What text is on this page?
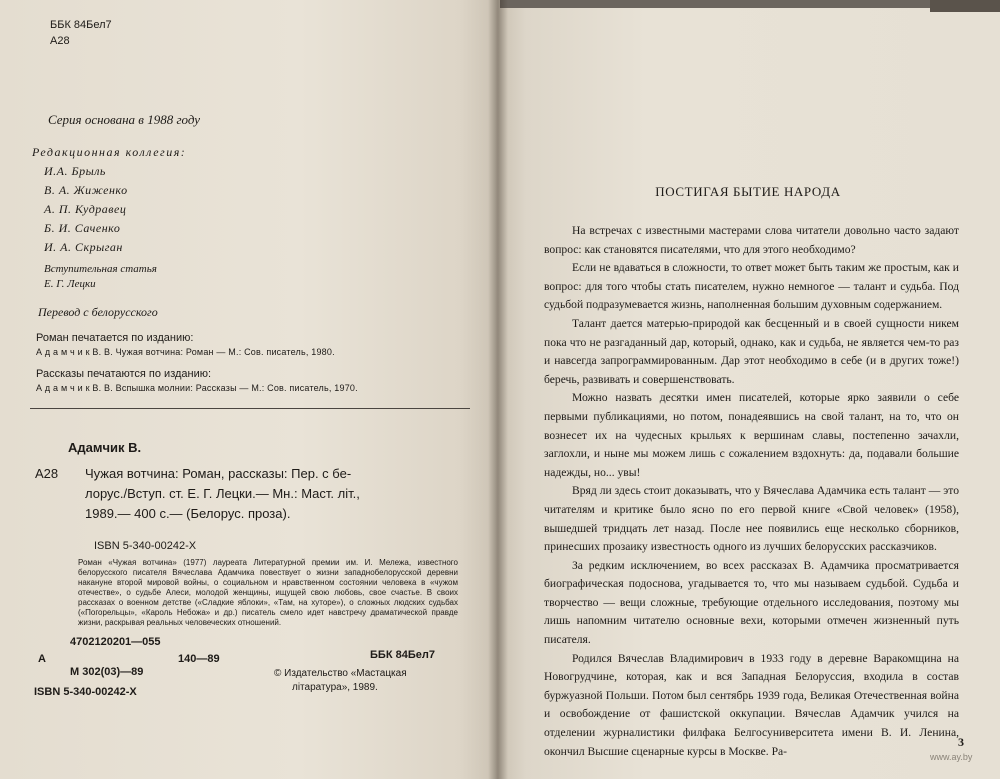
ББК 84Бел7
А28
Серия основана в 1988 году
Редакционная коллегия:
И.А. Брыль
В. А. Жиженко
А. П. Кудравец
Б. И. Саченко
И. А. Скрыган
Вступительная статья
Е. Г. Лецки
Перевод с белорусского
Роман печатается по изданию:
А д а м ч и к В. В. Чужая вотчина: Роман — М.: Сов. писатель, 1980.
Рассказы печатаются по изданию:
А д а м ч и к В. В. Вспышка молнии: Рассказы — М.: Сов. писатель, 1970.
Адамчик В.
А28 Чужая вотчина: Роман, рассказы: Пер. с бе-
лорус./Вступ. ст. Е. Г. Лецки.— Мн.: Маст. лiт.,
1989.— 400 с.— (Белорус. проза).
ISBN 5-340-00242-Х
Роман «Чужая вотчина» (1977) лауреата Литературной премии им. И. Мележа, известного белорусского писателя Вячеслава Адамчика повествует о жизни западнобелорусской деревни накануне второй мировой войны, о социальном и нравственном состоянии человека в «чужом отечестве», о судьбе Алеси, молодой женщины, ищущей свою любовь, свое счастье. В своих рассказах о военном детстве («Сладкие яблоки», «Там, на хуторе»), о сложных людских судьбах («Погорельцы», «Кароль Небожа» и др.) писатель смело идет навстречу драматической правде жизни, раскрывая реальных человеческих отношений.
4702120201—055
А	140—89
М 302(03)—89
ББК 84Бел7
ISBN 5-340-00242-Х
© Издательство «Мастацкая
лiтаратура», 1989.
ПОСТИГАЯ БЫТИЕ НАРОДА

На встречах с известными мастерами слова читатели довольно часто задают вопрос: как становятся писателями, что для этого необходимо?

Если не вдаваться в сложности, то ответ может быть таким же простым, как и вопрос: для того чтобы стать писателем, нужно немногое — талант и судьба. Под судьбой подразумевается жизнь, наполненная большим духовным содержанием.

Талант дается матерью-природой как бесценный и в своей сущности никем пока что не разгаданный дар, который, однако, как и судьба, не является чем-то раз и навсегда запрограммированным. Дар этот необходимо в себе (и в других тоже!) беречь, развивать и совершенствовать.

Можно назвать десятки имен писателей, которые ярко заявили о себе первыми публикациями, но потом, понадеявшись на свой талант, на то, что он вознесет их на чудесных крыльях к вершинам славы, постепенно зачахли, заглохли, и ныне мы можем лишь с сожалением вздохнуть: да, подавали большие надежды, но... увы!

Вряд ли здесь стоит доказывать, что у Вячеслава Адамчика есть талант — это читателям и критике было ясно по его первой книге «Свой человек» (1958), вышедшей тридцать лет назад. После нее появились еще несколько сборников, принесших прозаику известность одного из лучших белорусских рассказчиков.

За редким исключением, во всех рассказах В. Адамчика просматривается биографическая подоснова, угадывается то, что мы называем судьбой. Судьба и творчество — вещи сложные, требующие отдельного исследования, поэтому мы лишь напомним читателю основные вехи, которыми отмечен жизненный путь писателя.

Родился Вячеслав Владимирович в 1933 году в деревне Варакомщина на Новогрудчине, которая, как и вся Западная Белоруссия, входила в состав буржуазной Польши. Потом был сентябрь 1939 года, Великая Отечественная война и освобождение от фашистской оккупации. Вячеслав Адамчик учился на отделении журналистики филфака Белгосуниверситета имени В. И. Ленина, окончил Высшие сценарные курсы в Москве. Ра-

3
www.ay.by
